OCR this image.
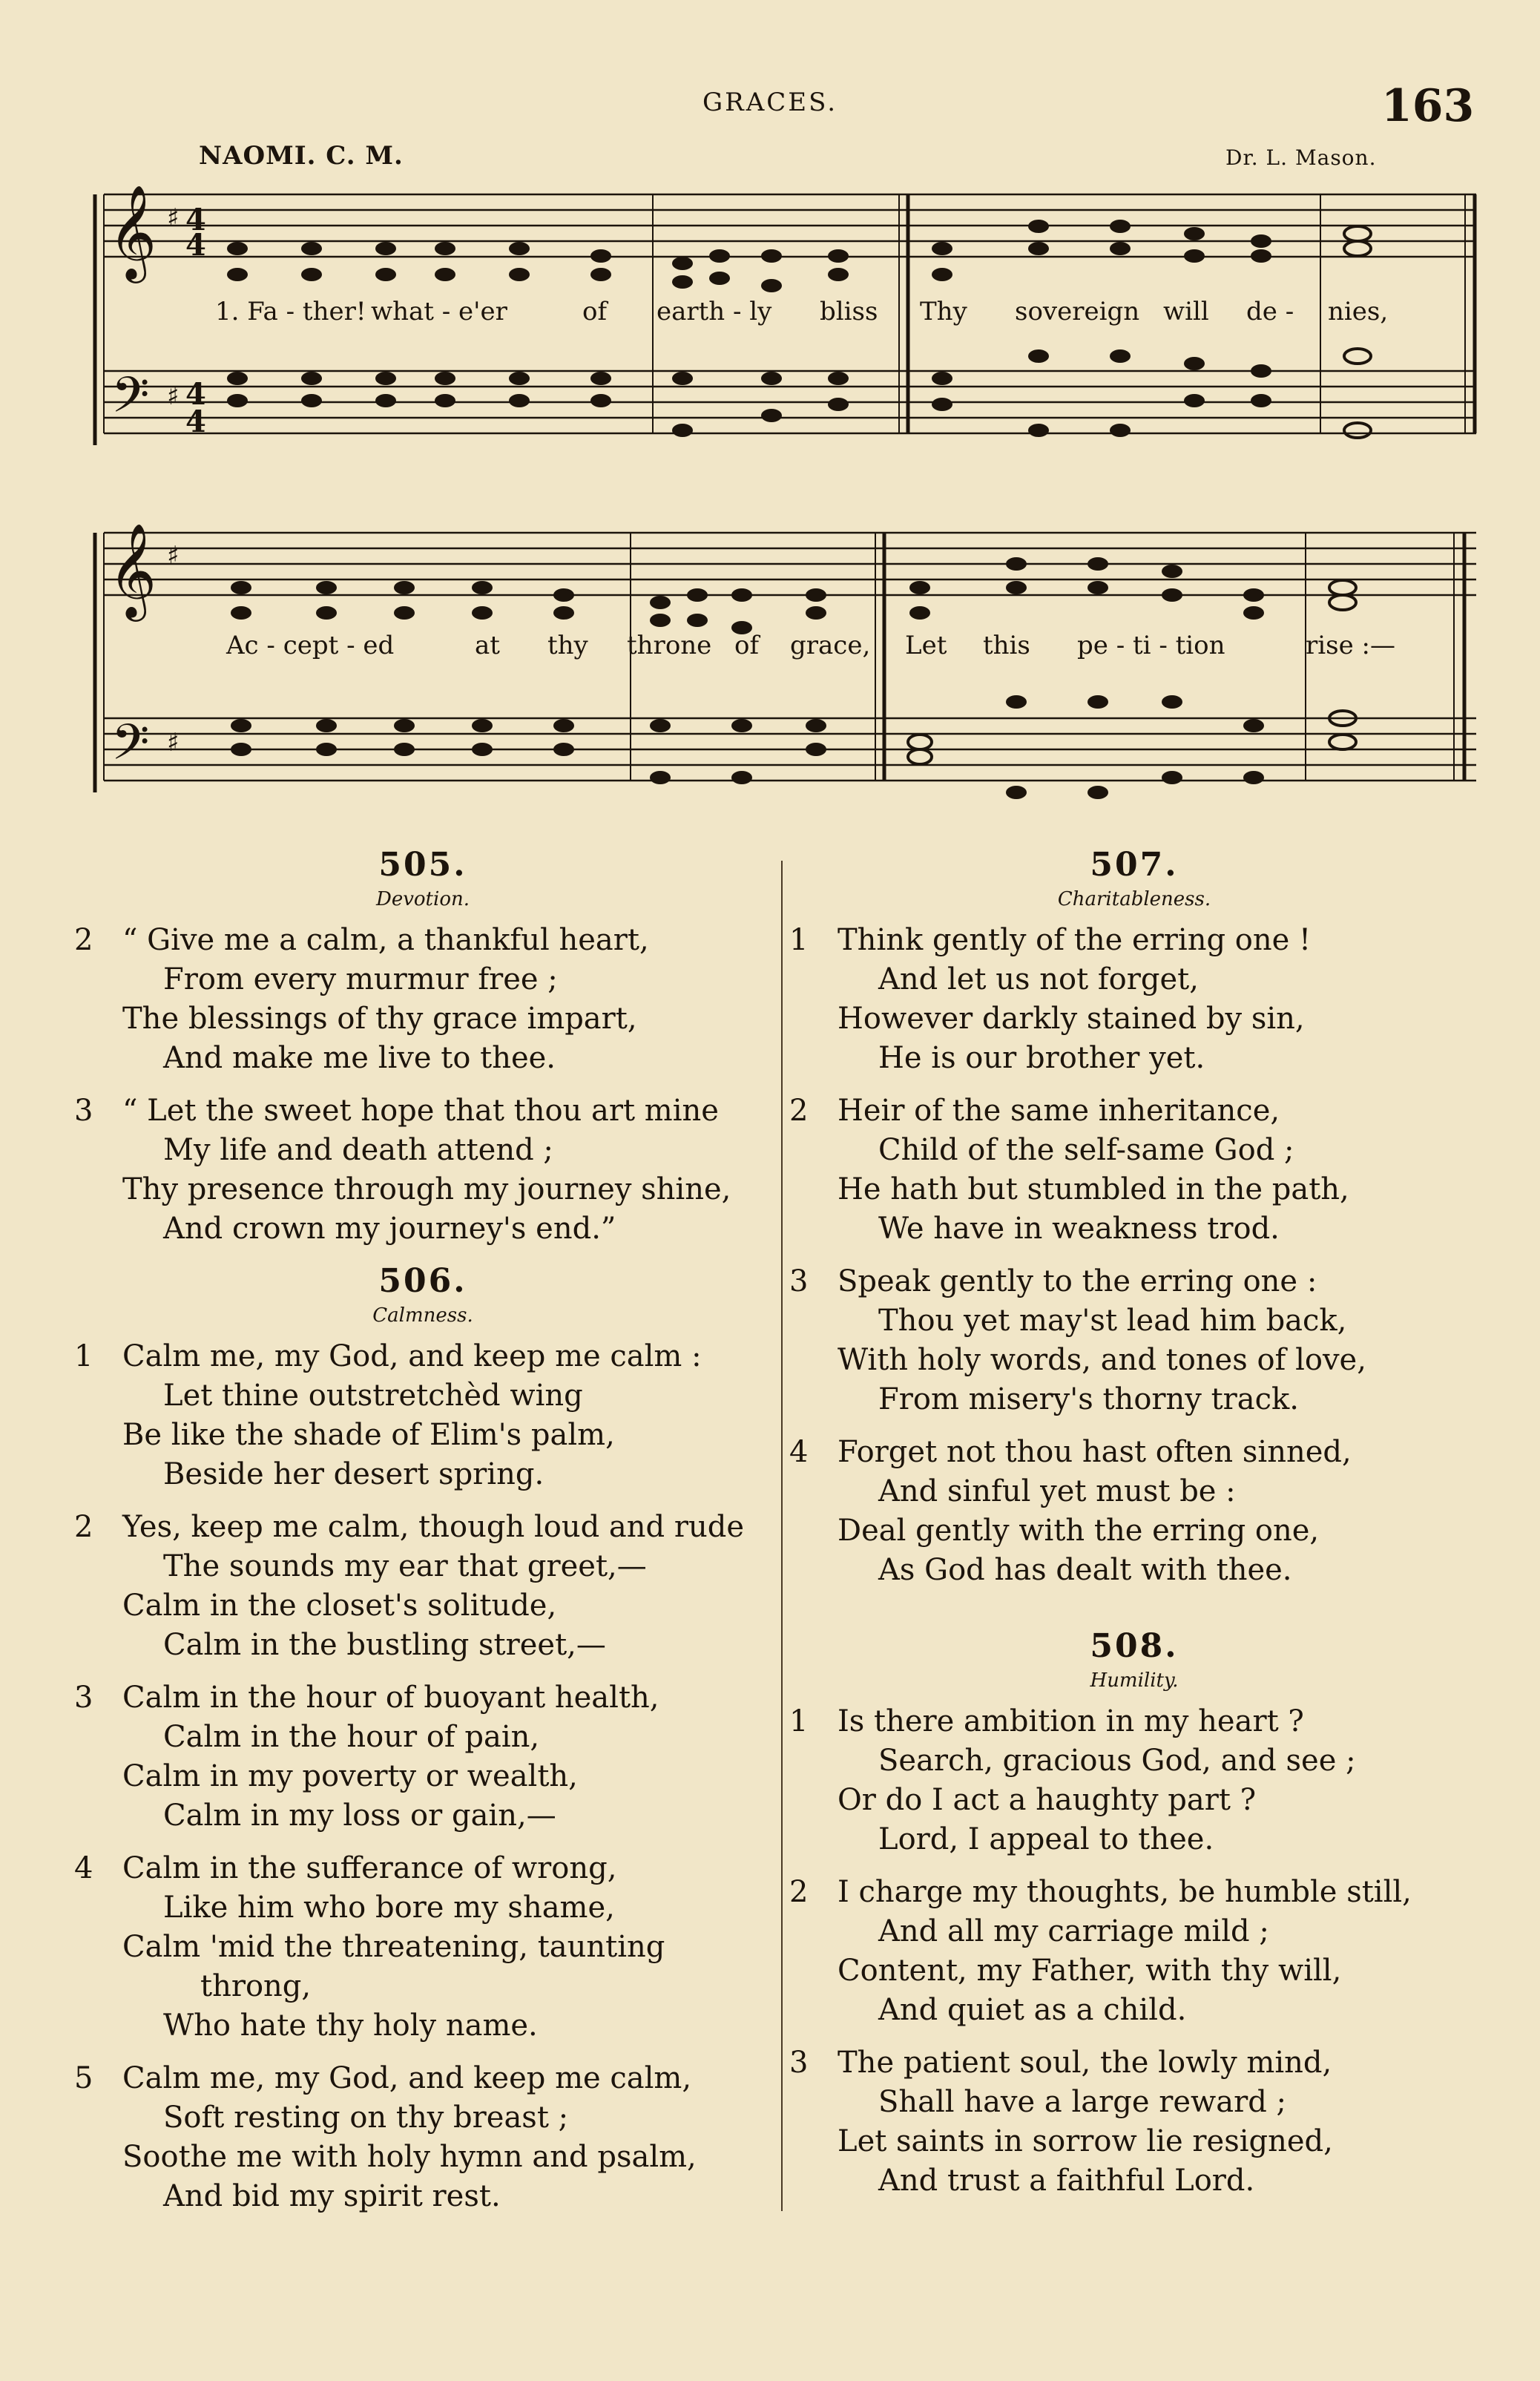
GRACES.	163
NAOMI. C. M.	Dr. L. Mason.
𝄞
𝄢
♯ 4
4
♯ 4
4
𝄞
𝄢
♯
♯
1. Fa - ther! what - e'er	of earth - ly bliss Thy sovereign will de - nies,
Ac - cept - ed	at thy throne of grace, Let this pe - ti - tion	rise :—
505.
Devotion.
2 “ Give me a calm, a thankful heart,
From every murmur free ;
The blessings of thy grace impart,
And make me live to thee.
3 “ Let the sweet hope that thou art mine
My life and death attend ;
Thy presence through my journey shine,
And crown my journey's end.”
506.
Calmness.
1 Calm me, my God, and keep me calm :
Let thine outstretchèd wing
Be like the shade of Elim's palm,
Beside her desert spring.
2 Yes, keep me calm, though loud and rude
The sounds my ear that greet,—
Calm in the closet's solitude,
Calm in the bustling street,—
3 Calm in the hour of buoyant health,
Calm in the hour of pain,
Calm in my poverty or wealth,
Calm in my loss or gain,—
4 Calm in the sufferance of wrong,
Like him who bore my shame,
Calm 'mid the threatening, taunting
throng,
Who hate thy holy name.
5 Calm me, my God, and keep me calm,
Soft resting on thy breast ;
Soothe me with holy hymn and psalm,
And bid my spirit rest.
507.
Charitableness.
1 Think gently of the erring one !
And let us not forget,
However darkly stained by sin,
He is our brother yet.
2 Heir of the same inheritance,
Child of the self-same God ;
He hath but stumbled in the path,
We have in weakness trod.
3 Speak gently to the erring one :
Thou yet may'st lead him back,
With holy words, and tones of love,
From misery's thorny track.
4 Forget not thou hast often sinned,
And sinful yet must be :
Deal gently with the erring one,
As God has dealt with thee.
508.
Humility.
1 Is there ambition in my heart ?
Search, gracious God, and see ;
Or do I act a haughty part ?
Lord, I appeal to thee.
2 I charge my thoughts, be humble still,
And all my carriage mild ;
Content, my Father, with thy will,
And quiet as a child.
3 The patient soul, the lowly mind,
Shall have a large reward ;
Let saints in sorrow lie resigned,
And trust a faithful Lord.
